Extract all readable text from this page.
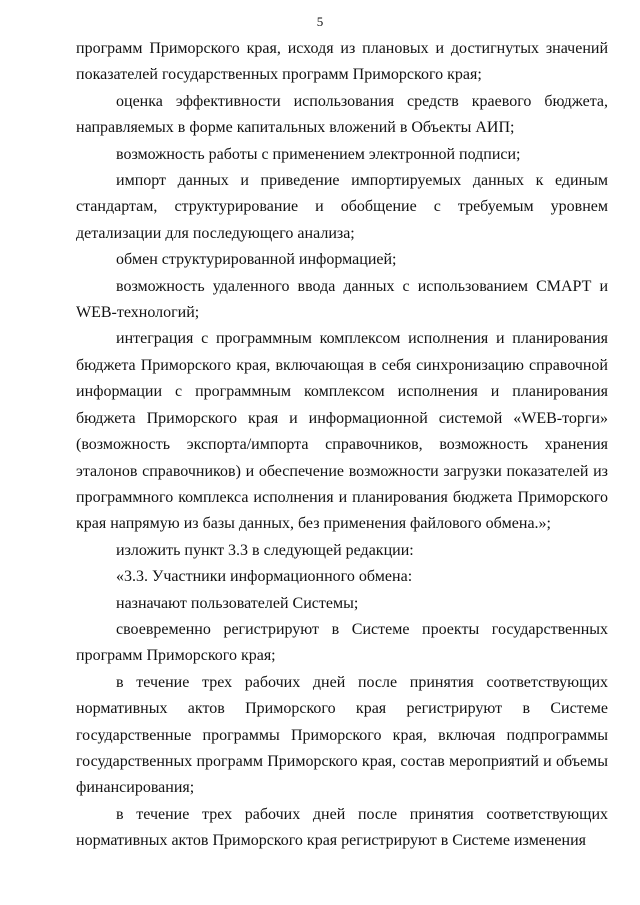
5

программ Приморского края, исходя из плановых и достигнутых значений показателей государственных программ Приморского края;

оценка эффективности использования средств краевого бюджета, направляемых в форме капитальных вложений в Объекты АИП;

возможность работы с применением электронной подписи;

импорт данных и приведение импортируемых данных к единым стандартам, структурирование и обобщение с требуемым уровнем детализации для последующего анализа;

обмен структурированной информацией;

возможность удаленного ввода данных с использованием СМАРТ и WEB-технологий;

интеграция с программным комплексом исполнения и планирования бюджета Приморского края, включающая в себя синхронизацию справочной информации с программным комплексом исполнения и планирования бюджета Приморского края и информационной системой «WEB-торги» (возможность экспорта/импорта справочников, возможность хранения эталонов справочников) и обеспечение возможности загрузки показателей из программного комплекса исполнения и планирования бюджета Приморского края напрямую из базы данных, без применения файлового обмена.»;

изложить пункт 3.3 в следующей редакции:

«3.3. Участники информационного обмена:

назначают пользователей Системы;

своевременно регистрируют в Системе проекты государственных программ Приморского края;

в течение трех рабочих дней после принятия соответствующих нормативных актов Приморского края регистрируют в Системе государственные программы Приморского края, включая подпрограммы государственных программ Приморского края, состав мероприятий и объемы финансирования;

в течение трех рабочих дней после принятия соответствующих нормативных актов Приморского края регистрируют в Системе изменения
